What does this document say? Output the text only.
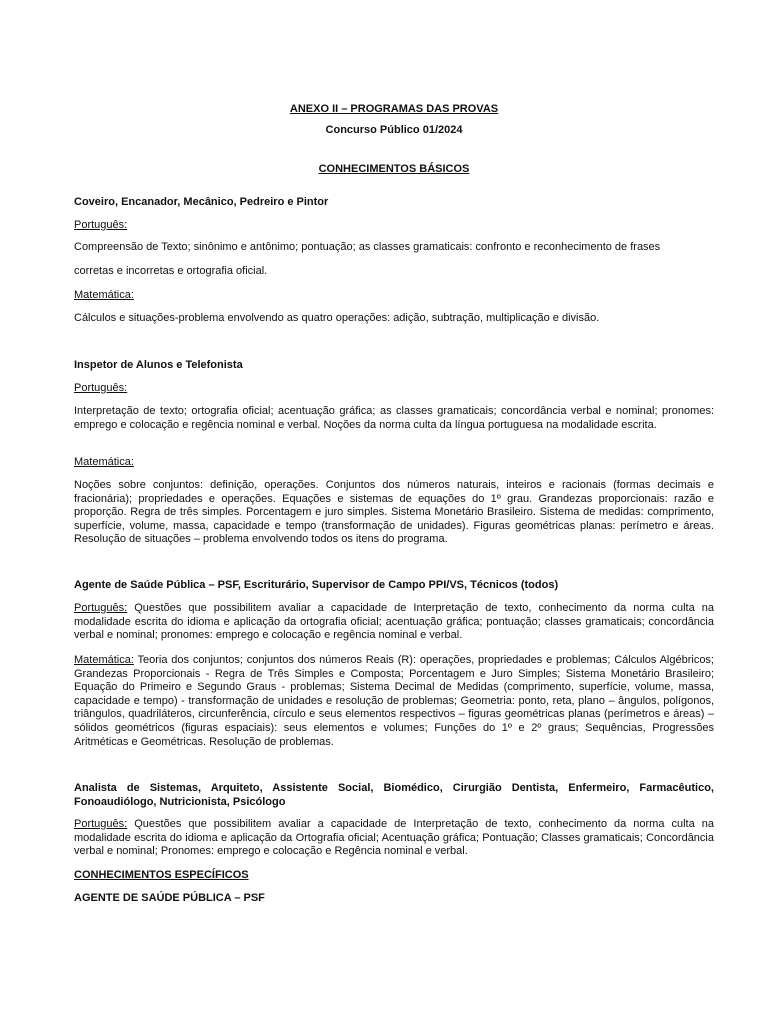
ANEXO II – PROGRAMAS DAS PROVAS
Concurso Público 01/2024
CONHECIMENTOS BÁSICOS
Coveiro, Encanador, Mecânico, Pedreiro e Pintor
Português:
Compreensão de Texto; sinônimo e antônimo; pontuação; as classes gramaticais: confronto e reconhecimento de frases
corretas e incorretas e ortografia oficial.
Matemática:
Cálculos e situações-problema envolvendo as quatro operações: adição, subtração, multiplicação e divisão.
Inspetor de Alunos e Telefonista
Português:
Interpretação de texto; ortografia oficial; acentuação gráfica; as classes gramaticais; concordância verbal e nominal; pronomes: emprego e colocação e regência nominal e verbal. Noções da norma culta da língua portuguesa na modalidade escrita.
Matemática:
Noções sobre conjuntos: definição, operações. Conjuntos dos números naturais, inteiros e racionais (formas decimais e fracionária); propriedades e operações. Equações e sistemas de equações do 1º grau. Grandezas proporcionais: razão e proporção. Regra de três simples. Porcentagem e juro simples. Sistema Monetário Brasileiro. Sistema de medidas: comprimento, superfície, volume, massa, capacidade e tempo (transformação de unidades). Figuras geométricas planas: perímetro e áreas. Resolução de situações – problema envolvendo todos os itens do programa.
Agente de Saúde Pública – PSF, Escriturário, Supervisor de Campo PPI/VS, Técnicos (todos)
Português: Questões que possibilitem avaliar a capacidade de Interpretação de texto, conhecimento da norma culta na modalidade escrita do idioma e aplicação da ortografia oficial; acentuação gráfica; pontuação; classes gramaticais; concordância verbal e nominal; pronomes: emprego e colocação e regência nominal e verbal.
Matemática: Teoria dos conjuntos; conjuntos dos números Reais (R): operações, propriedades e problemas; Cálculos Algébricos; Grandezas Proporcionais - Regra de Três Simples e Composta; Porcentagem e Juro Simples; Sistema Monetário Brasileiro; Equação do Primeiro e Segundo Graus - problemas; Sistema Decimal de Medidas (comprimento, superfície, volume, massa, capacidade e tempo) - transformação de unidades e resolução de problemas; Geometria: ponto, reta, plano – ângulos, polígonos, triângulos, quadriláteros, circunferência, círculo e seus elementos respectivos – figuras geométricas planas (perímetros e áreas) – sólidos geométricos (figuras espaciais): seus elementos e volumes; Funções do 1º e 2º graus; Sequências, Progressões Aritméticas e Geométricas. Resolução de problemas.
Analista de Sistemas, Arquiteto, Assistente Social, Biomédico, Cirurgião Dentista, Enfermeiro, Farmacêutico, Fonoaudiólogo, Nutricionista, Psicólogo
Português: Questões que possibilitem avaliar a capacidade de Interpretação de texto, conhecimento da norma culta na modalidade escrita do idioma e aplicação da Ortografia oficial; Acentuação gráfica; Pontuação; Classes gramaticais; Concordância verbal e nominal; Pronomes: emprego e colocação e Regência nominal e verbal.
CONHECIMENTOS ESPECÍFICOS
AGENTE DE SAÚDE PÚBLICA – PSF
